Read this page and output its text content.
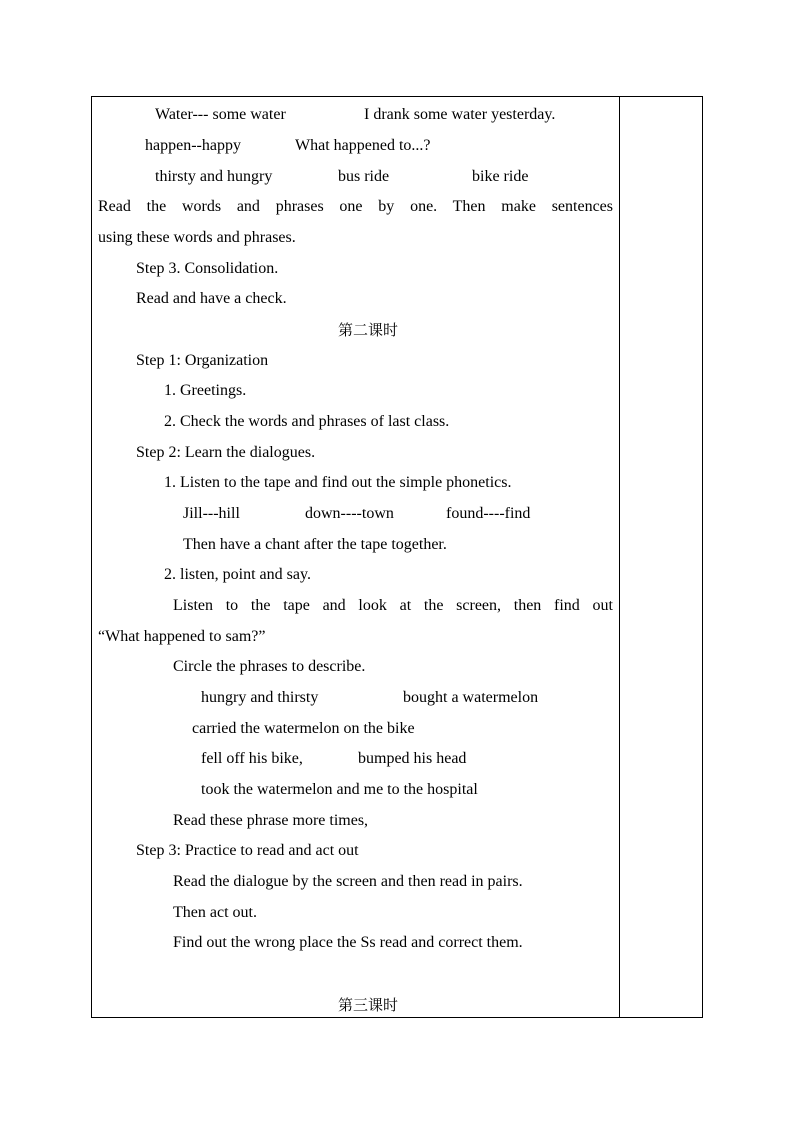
Water--- some water	I drank some water yesterday.
happen--happy	What happened to...?
thirsty and hungry	bus ride	bike ride
Read the words and phrases one by one. Then make sentences
using these words and phrases.
Step 3. Consolidation.
Read and have a check.
第二课时
Step 1: Organization
1. Greetings.
2. Check the words and phrases of last class.
Step 2: Learn the dialogues.
1. Listen to the tape and find out the simple phonetics.
Jill---hill	down----town	found----find
Then have a chant after the tape together.
2. listen, point and say.
Listen to the tape and look at the screen, then find out
“What happened to sam?”
Circle the phrases to describe.
hungry and thirsty	bought a watermelon
carried the watermelon on the bike
fell off his bike,	bumped his head
took the watermelon and me to the hospital
Read these phrase more times,
Step 3: Practice to read and act out
Read the dialogue by the screen and then read in pairs.
Then act out.
Find out the wrong place the Ss read and correct them.
第三课时
